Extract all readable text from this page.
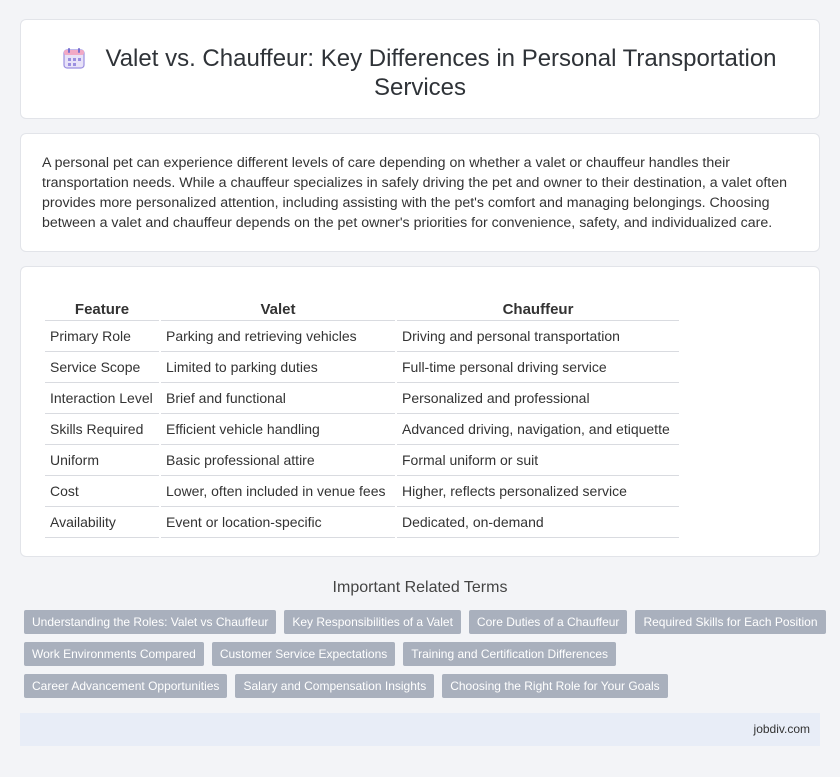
Valet vs. Chauffeur: Key Differences in Personal Transportation Services

A personal pet can experience different levels of care depending on whether a valet or chauffeur handles their transportation needs. While a chauffeur specializes in safely driving the pet and owner to their destination, a valet often provides more personalized attention, including assisting with the pet's comfort and managing belongings. Choosing between a valet and chauffeur depends on the pet owner's priorities for convenience, safety, and individualized care.

Feature	Valet	Chauffeur
Primary Role	Parking and retrieving vehicles	Driving and personal transportation
Service Scope	Limited to parking duties	Full-time personal driving service
Interaction Level	Brief and functional	Personalized and professional
Skills Required	Efficient vehicle handling	Advanced driving, navigation, and etiquette
Uniform	Basic professional attire	Formal uniform or suit
Cost	Lower, often included in venue fees	Higher, reflects personalized service
Availability	Event or location-specific	Dedicated, on-demand
Important Related Terms
Understanding the Roles: Valet vs Chauffeur	Key Responsibilities of a Valet	Core Duties of a Chauffeur	Required Skills for Each Position
Work Environments Compared	Customer Service Expectations	Training and Certification Differences
Career Advancement Opportunities	Salary and Compensation Insights	Choosing the Right Role for Your Goals
jobdiv.com
